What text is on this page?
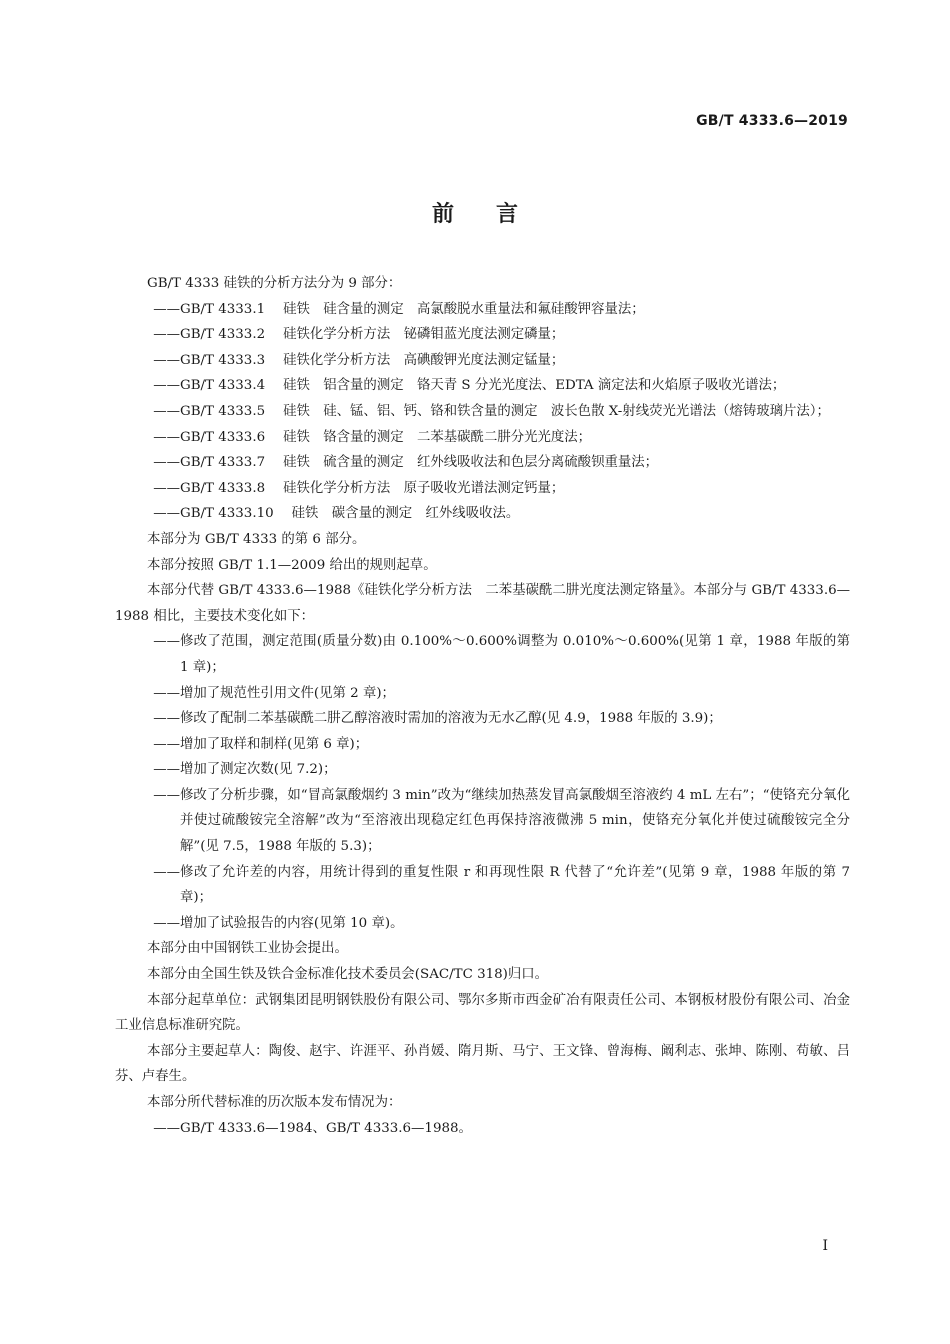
GB/T 4333.6—2019
前言

GB/T 4333 硅铁的分析方法分为 9 部分：

—— GB/T 4333.1 硅铁　硅含量的测定　高氯酸脱水重量法和氟硅酸钾容量法；
—— GB/T 4333.2 硅铁化学分析方法　铋磷钼蓝光度法测定磷量；
—— GB/T 4333.3 硅铁化学分析方法　高碘酸钾光度法测定锰量；
—— GB/T 4333.4 硅铁　铝含量的测定　铬天青 S 分光光度法、EDTA 滴定法和火焰原子吸收光谱法；
—— GB/T 4333.5 硅铁　硅、锰、铝、钙、铬和铁含量的测定　波长色散 X-射线荧光光谱法（熔铸玻璃片法）；
—— GB/T 4333.6 硅铁　铬含量的测定　二苯基碳酰二肼分光光度法；
—— GB/T 4333.7 硅铁　硫含量的测定　红外线吸收法和色层分离硫酸钡重量法；
—— GB/T 4333.8 硅铁化学分析方法　原子吸收光谱法测定钙量；
—— GB/T 4333.10 硅铁　碳含量的测定　红外线吸收法。

本部分为 GB/T 4333 的第 6 部分。

本部分按照 GB/T 1.1—2009 给出的规则起草。

本部分代替 GB/T 4333.6—1988《硅铁化学分析方法　二苯基碳酰二肼光度法测定铬量》。本部分与 GB/T 4333.6—1988 相比，主要技术变化如下：

—— 修改了范围，测定范围(质量分数)由 0.100%～0.600%调整为 0.010%～0.600%(见第 1 章，1988 年版的第 1 章)；
—— 增加了规范性引用文件(见第 2 章)；
—— 修改了配制二苯基碳酰二肼乙醇溶液时需加的溶液为无水乙醇(见 4.9，1988 年版的 3.9)；
—— 增加了取样和制样(见第 6 章)；
—— 增加了测定次数(见 7.2)；
—— 修改了分析步骤，如“冒高氯酸烟约 3 min”改为“继续加热蒸发冒高氯酸烟至溶液约 4 mL 左右”；“使铬充分氧化并使过硫酸铵完全溶解”改为“至溶液出现稳定红色再保持溶液微沸 5 min，使铬充分氧化并使过硫酸铵完全分解”(见 7.5，1988 年版的 5.3)；
—— 修改了允许差的内容，用统计得到的重复性限 r 和再现性限 R 代替了“允许差”(见第 9 章，1988 年版的第 7 章)；
—— 增加了试验报告的内容(见第 10 章)。

本部分由中国钢铁工业协会提出。

本部分由全国生铁及铁合金标准化技术委员会(SAC/TC 318)归口。

本部分起草单位：武钢集团昆明钢铁股份有限公司、鄂尔多斯市西金矿冶有限责任公司、本钢板材股份有限公司、冶金工业信息标准研究院。

本部分主要起草人：陶俊、赵宇、许涯平、孙肖媛、隋月斯、马宁、王文锋、曾海梅、阚利志、张坤、陈刚、苟敏、吕芬、卢春生。

本部分所代替标准的历次版本发布情况为：

—— GB/T 4333.6—1984、GB/T 4333.6—1988。
I
